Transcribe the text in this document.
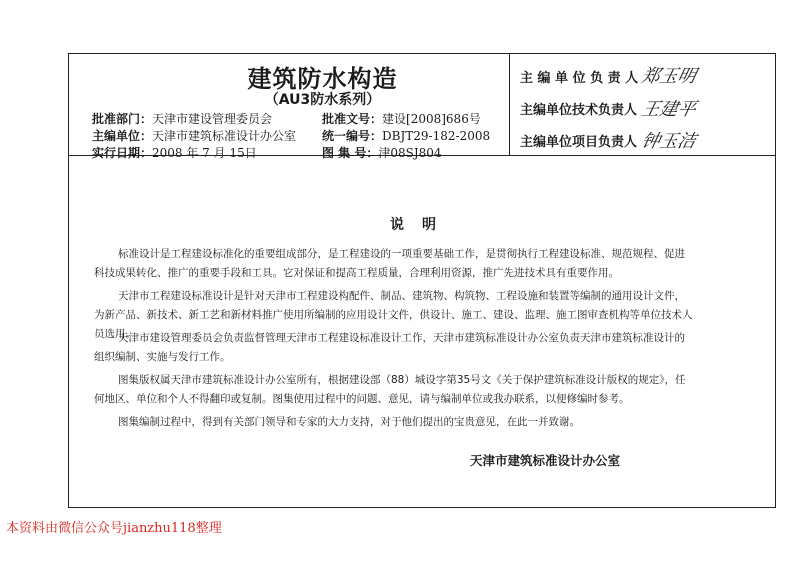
建筑防水构造
（AU3防水系列）
批准部门：天津市建设管理委员会
主编单位：天津市建筑标准设计办公室
实行日期：2008 年 7 月 15日
批准文号：建设[2008]686号
统一编号：DBJT29-182-2008
图 集 号：津08SJ804
主 编 单 位 负 责 人 郑玉明
主编单位技术负责人 王建平
主编单位项目负责人 钟玉洁
说明
标准设计是工程建设标准化的重要组成部分，是工程建设的一项重要基础工作，是贯彻执行工程建设标准、规范规程、促进科技成果转化、推广的重要手段和工具。它对保证和提高工程质量，合理利用资源，推广先进技术具有重要作用。
天津市工程建设标准设计是针对天津市工程建设构配件、制品、建筑物、构筑物、工程设施和装置等编制的通用设计文件，为新产品、新技术、新工艺和新材料推广使用所编制的应用设计文件，供设计、施工、建设、监理、施工图审查机构等单位技术人员选用。
天津市建设管理委员会负责监督管理天津市工程建设标准设计工作，天津市建筑标准设计办公室负责天津市建筑标准设计的组织编制、实施与发行工作。
图集版权属天津市建筑标准设计办公室所有，根据建设部（88）城设字第35号文《关于保护建筑标准设计版权的规定》，任何地区、单位和个人不得翻印或复制。图集使用过程中的问题、意见，请与编制单位或我办联系，以便修编时参考。
图集编制过程中，得到有关部门领导和专家的大力支持，对于他们提出的宝贵意见，在此一并致谢。
天津市建筑标准设计办公室
本资料由微信公众号jianzhu118整理
